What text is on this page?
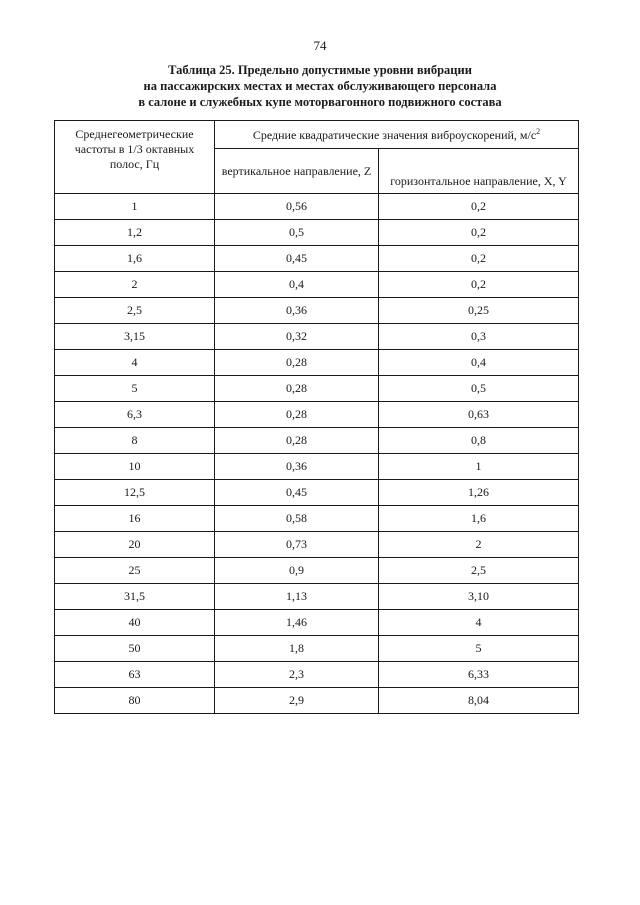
74
Таблица 25. Предельно допустимые уровни вибрации
на пассажирских местах и местах обслуживающего персонала
в салоне и служебных купе моторвагонного подвижного состава
Среднегеометрические частоты в 1/3 октавных полос, Гц	Средние квадратические значения виброускорений, $м/с^2$
	вертикальное направление, Z	горизонтальное направление, X, Y
1	0,56	0,2
1,2	0,5	0,2
1,6	0,45	0,2
2	0,4	0,2
2,5	0,36	0,25
3,15	0,32	0,3
4	0,28	0,4
5	0,28	0,5
6,3	0,28	0,63
8	0,28	0,8
10	0,36	1
12,5	0,45	1,26
16	0,58	1,6
20	0,73	2
25	0,9	2,5
31,5	1,13	3,10
40	1,46	4
50	1,8	5
63	2,3	6,33
80	2,9	8,04
